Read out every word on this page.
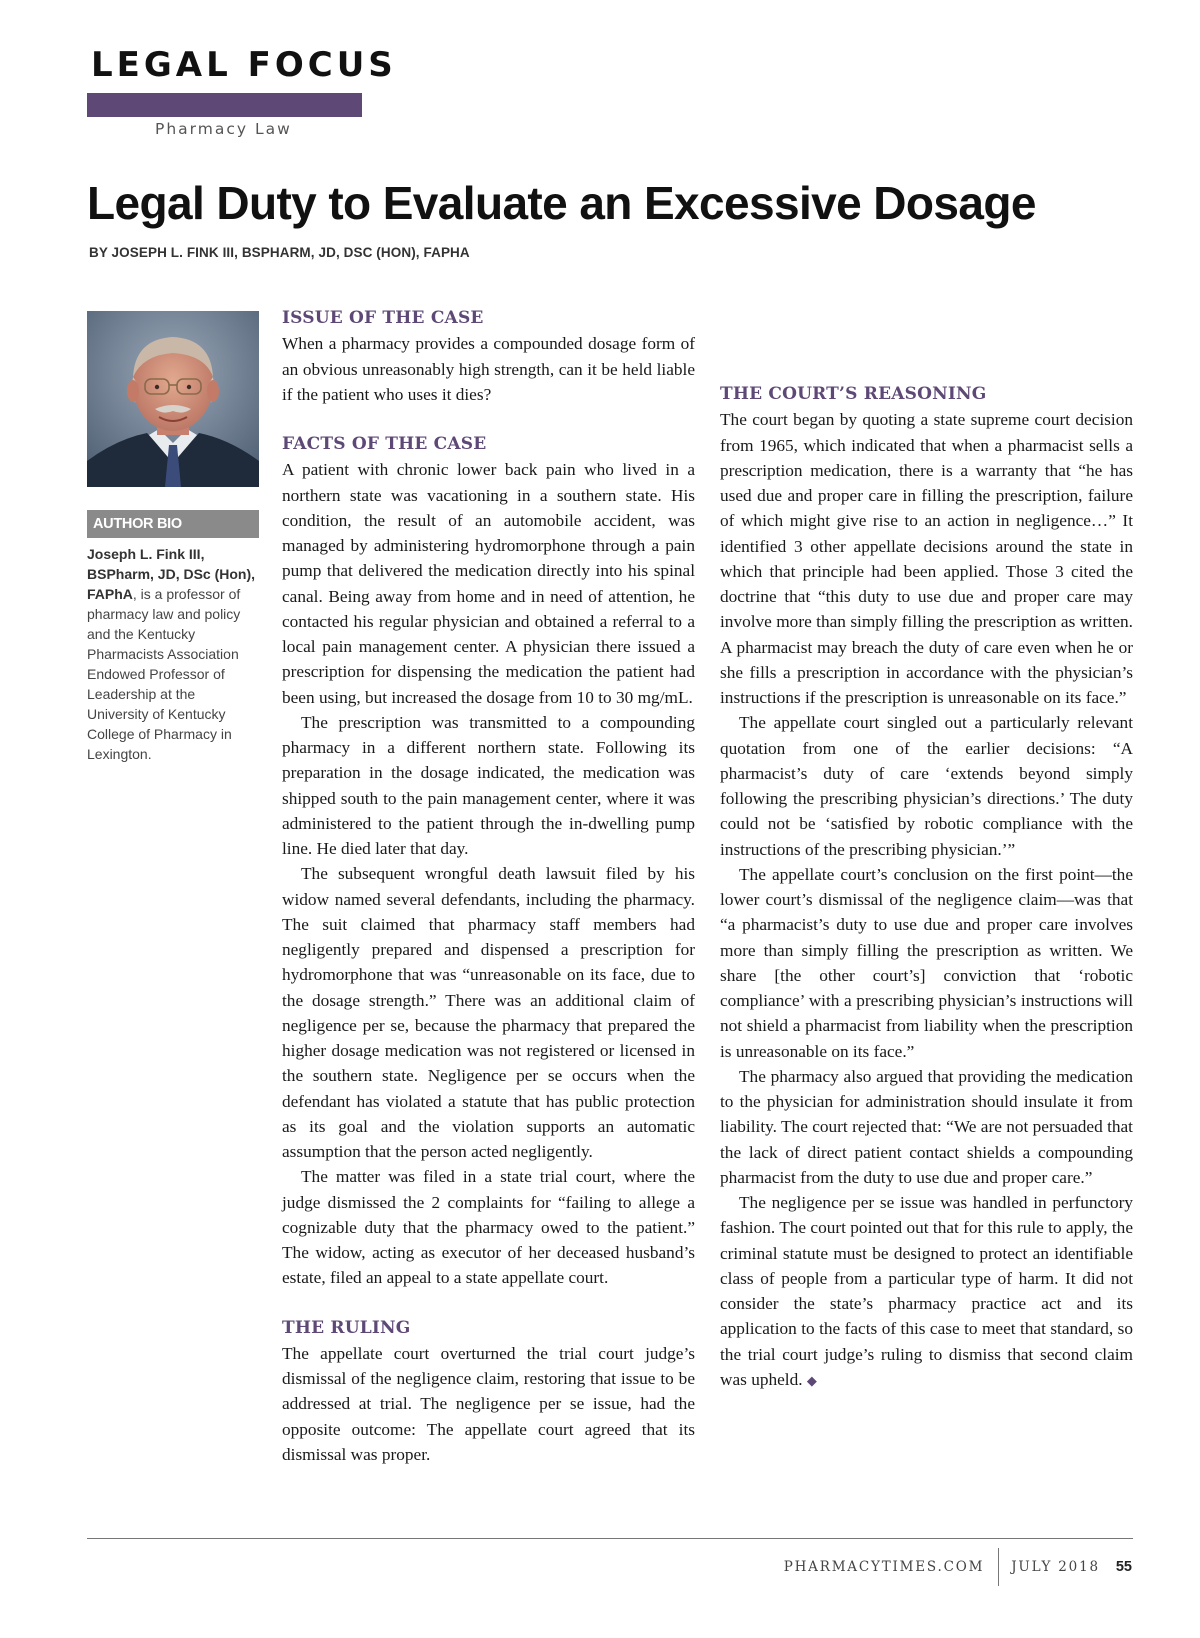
LEGAL FOCUS
Pharmacy Law
Legal Duty to Evaluate an Excessive Dosage
BY JOSEPH L. FINK III, BSPHARM, JD, DSC (HON), FAPHA
AUTHOR BIO
Joseph L. Fink III, BSPharm, JD, DSc (Hon), FAPhA, is a professor of pharmacy law and policy and the Kentucky Pharmacists Association Endowed Professor of Leadership at the University of Kentucky College of Pharmacy in Lexington.
ISSUE OF THE CASE

When a pharmacy provides a compounded dosage form of an obvious unreasonably high strength, can it be held liable if the patient who uses it dies?

FACTS OF THE CASE

A patient with chronic lower back pain who lived in a northern state was vacationing in a southern state. His condition, the result of an automobile accident, was managed by administering hydromorphone through a pain pump that delivered the medication directly into his spinal canal. Being away from home and in need of attention, he contacted his regular physician and obtained a referral to a local pain management center. A physician there issued a prescription for dispensing the medication the patient had been using, but increased the dosage from 10 to 30 mg/mL.

The prescription was transmitted to a compounding pharmacy in a different northern state. Following its preparation in the dosage indicated, the medication was shipped south to the pain management center, where it was administered to the patient through the in-dwelling pump line. He died later that day.

The subsequent wrongful death lawsuit filed by his widow named several defendants, including the pharmacy. The suit claimed that pharmacy staff members had negligently prepared and dispensed a prescription for hydromorphone that was “unreasonable on its face, due to the dosage strength.” There was an additional claim of negligence per se, because the pharmacy that prepared the higher dosage medication was not registered or licensed in the southern state. Negligence per se occurs when the defendant has violated a statute that has public protection as its goal and the violation supports an automatic assumption that the person acted negligently.

The matter was filed in a state trial court, where the judge dismissed the 2 complaints for “failing to allege a cognizable duty that the pharmacy owed to the patient.” The widow, acting as executor of her deceased husband’s estate, filed an appeal to a state appellate court.

THE RULING

The appellate court overturned the trial court judge’s dismissal of the negligence claim, restoring that issue to be addressed at trial. The negligence per se issue, had the opposite outcome: The appellate court agreed that its dismissal was proper.

THE COURT’S REASONING

The court began by quoting a state supreme court decision from 1965, which indicated that when a pharmacist sells a prescription medication, there is a warranty that “he has used due and proper care in filling the prescription, failure of which might give rise to an action in negligence…” It identified 3 other appellate decisions around the state in which that principle had been applied. Those 3 cited the doctrine that “this duty to use due and proper care may involve more than simply filling the prescription as written. A pharmacist may breach the duty of care even when he or she fills a prescription in accordance with the physician’s instructions if the prescription is unreasonable on its face.”

The appellate court singled out a particularly relevant quotation from one of the earlier decisions: “A pharmacist’s duty of care ‘extends beyond simply following the prescribing physician’s directions.’ The duty could not be ‘satisfied by robotic compliance with the instructions of the prescribing physician.’”

The appellate court’s conclusion on the first point—the lower court’s dismissal of the negligence claim—was that “a pharmacist’s duty to use due and proper care involves more than simply filling the prescription as written. We share [the other court’s] conviction that ‘robotic compliance’ with a prescribing physician’s instructions will not shield a pharmacist from liability when the prescription is unreasonable on its face.”

The pharmacy also argued that providing the medication to the physician for administration should insulate it from liability. The court rejected that: “We are not persuaded that the lack of direct patient contact shields a compounding pharmacist from the duty to use due and proper care.”

The negligence per se issue was handled in perfunctory fashion. The court pointed out that for this rule to apply, the criminal statute must be designed to protect an identifiable class of people from a particular type of harm. It did not consider the state’s pharmacy practice act and its application to the facts of this case to meet that standard, so the trial court judge’s ruling to dismiss that second claim was upheld. ◆

PHARMACYTIMES.COM JULY 2018 55
